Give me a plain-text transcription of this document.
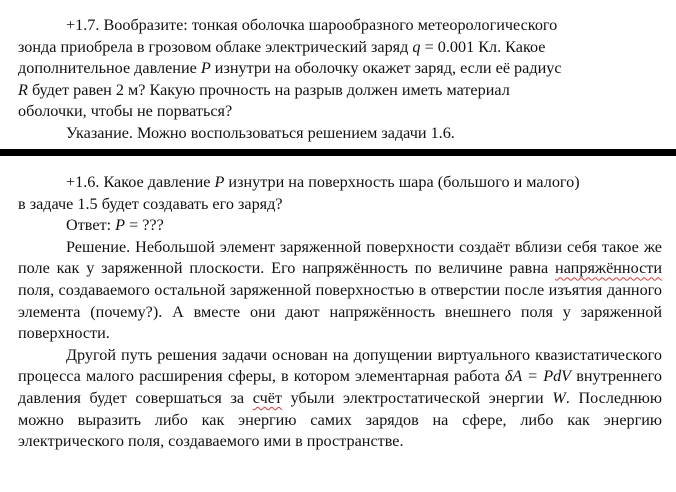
+1.7. Вообразите: тонкая оболочка шарообразного метеорологического
зонда приобрела в грозовом облаке электрический заряд q = 0.001 Кл. Какое
дополнительное давление P изнутри на оболочку окажет заряд, если её радиус
R будет равен 2 м? Какую прочность на разрыв должен иметь материал
оболочки, чтобы не порваться?

Указание. Можно воспользоваться решением задачи 1.6.

+1.6. Какое давление P изнутри на поверхность шара (большого и малого)
в задаче 1.5 будет создавать его заряд?

Ответ: P = ???

Решение. Небольшой элемент заряженной поверхности создаёт вблизи себя такое же поле как у заряженной плоскости. Его напряжённость по величине равна напряжённости поля, создаваемого остальной заряженной поверхностью в отверстии после изъятия данного элемента (почему?). А вместе они дают напряжённость внешнего поля у заряженной поверхности.

Другой путь решения задачи основан на допущении виртуального квазистатического процесса малого расширения сферы, в котором элементарная работа δA = PdV внутреннего давления будет совершаться за счёт убыли электростатической энергии W. Последнюю можно выразить либо как энергию самих зарядов на сфере, либо как энергию электрического поля, создаваемого ими в пространстве.
